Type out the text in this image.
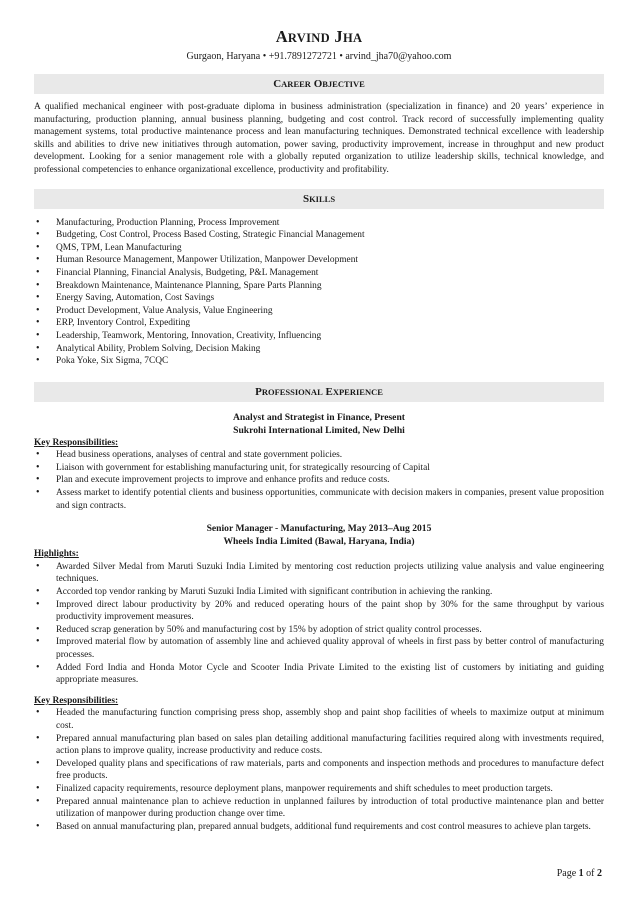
ARVIND JHA
Gurgaon, Haryana • +91.7891272721 • arvind_jha70@yahoo.com
CAREER OBJECTIVE
A qualified mechanical engineer with post-graduate diploma in business administration (specialization in finance) and 20 years’ experience in manufacturing, production planning, annual business planning, budgeting and cost control. Track record of successfully implementing quality management systems, total productive maintenance process and lean manufacturing techniques. Demonstrated technical excellence with leadership skills and abilities to drive new initiatives through automation, power saving, productivity improvement, increase in throughput and new product development. Looking for a senior management role with a globally reputed organization to utilize leadership skills, technical knowledge, and professional competencies to enhance organizational excellence, productivity and profitability.
SKILLS
• Manufacturing, Production Planning, Process Improvement
• Budgeting, Cost Control, Process Based Costing, Strategic Financial Management
• QMS, TPM, Lean Manufacturing
• Human Resource Management, Manpower Utilization, Manpower Development
• Financial Planning, Financial Analysis, Budgeting, P&L Management
• Breakdown Maintenance, Maintenance Planning, Spare Parts Planning
• Energy Saving, Automation, Cost Savings
• Product Development, Value Analysis, Value Engineering
• ERP, Inventory Control, Expediting
• Leadership, Teamwork, Mentoring, Innovation, Creativity, Influencing
• Analytical Ability, Problem Solving, Decision Making
• Poka Yoke, Six Sigma, 7CQC
PROFESSIONAL EXPERIENCE
Analyst and Strategist in Finance, Present
Sukrohi International Limited, New Delhi
Key Responsibilities:
• Head business operations, analyses of central and state government policies.
• Liaison with government for establishing manufacturing unit, for strategically resourcing of Capital
• Plan and execute improvement projects to improve and enhance profits and reduce costs.
• Assess market to identify potential clients and business opportunities, communicate with decision makers in companies, present value proposition and sign contracts.
Senior Manager - Manufacturing, May 2013–Aug 2015
Wheels India Limited (Bawal, Haryana, India)
Highlights:
• Awarded Silver Medal from Maruti Suzuki India Limited by mentoring cost reduction projects utilizing value analysis and value engineering techniques.
• Accorded top vendor ranking by Maruti Suzuki India Limited with significant contribution in achieving the ranking.
• Improved direct labour productivity by 20% and reduced operating hours of the paint shop by 30% for the same throughput by various productivity improvement measures.
• Reduced scrap generation by 50% and manufacturing cost by 15% by adoption of strict quality control processes.
• Improved material flow by automation of assembly line and achieved quality approval of wheels in first pass by better control of manufacturing processes.
• Added Ford India and Honda Motor Cycle and Scooter India Private Limited to the existing list of customers by initiating and guiding appropriate measures.
Key Responsibilities:
• Headed the manufacturing function comprising press shop, assembly shop and paint shop facilities of wheels to maximize output at minimum cost.
• Prepared annual manufacturing plan based on sales plan detailing additional manufacturing facilities required along with investments required, action plans to improve quality, increase productivity and reduce costs.
• Developed quality plans and specifications of raw materials, parts and components and inspection methods and procedures to manufacture defect free products.
• Finalized capacity requirements, resource deployment plans, manpower requirements and shift schedules to meet production targets.
• Prepared annual maintenance plan to achieve reduction in unplanned failures by introduction of total productive maintenance plan and better utilization of manpower during production change over time.
• Based on annual manufacturing plan, prepared annual budgets, additional fund requirements and cost control measures to achieve plan targets.
Page 1 of 2
